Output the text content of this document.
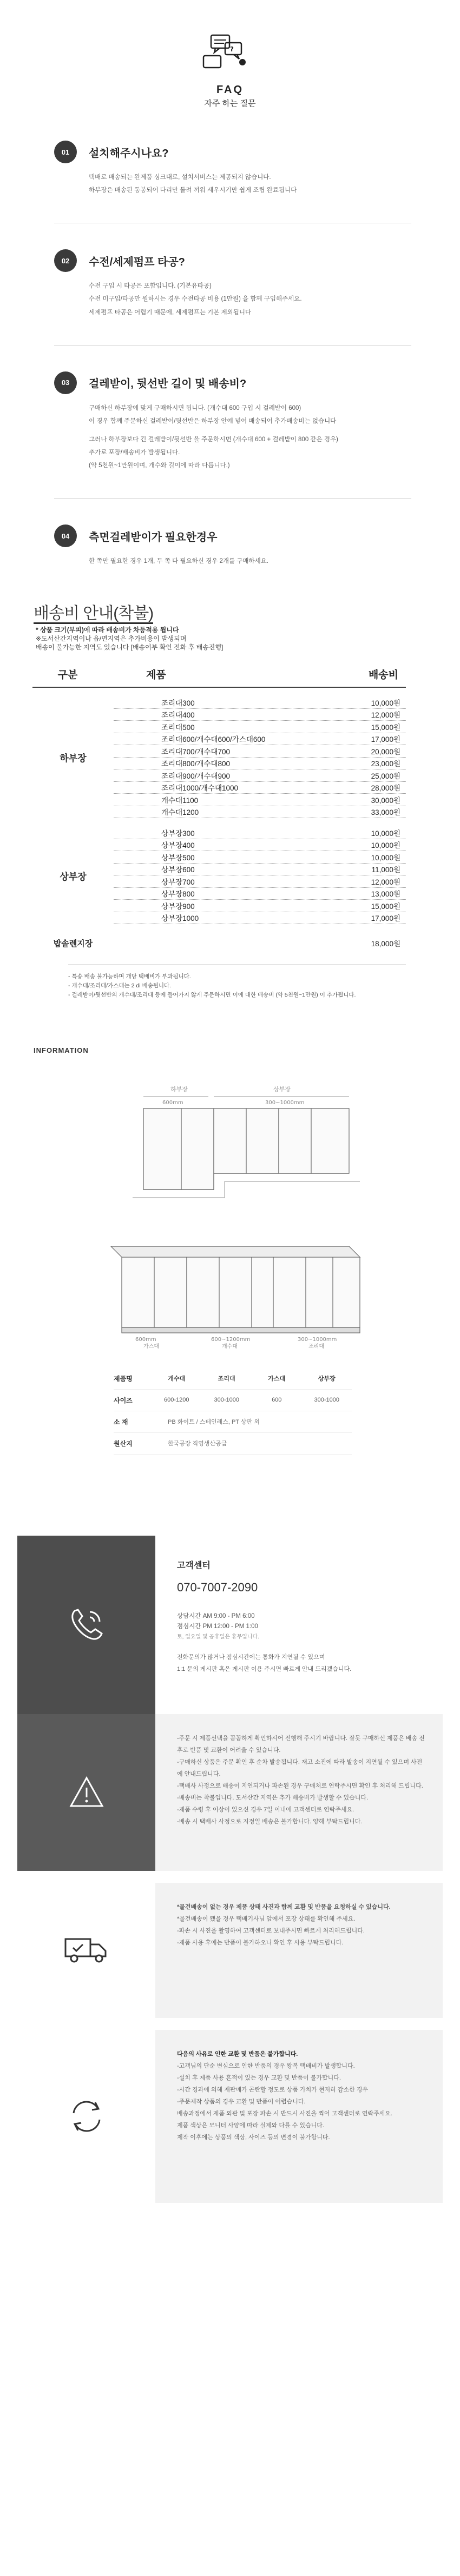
?
FAQ
자주 하는 질문
01	설치해주시나요?
택배로 배송되는 완제품 싱크대로, 설치서비스는 제공되지 않습니다.
하부장은 배송된 동봉되어 다리만 돌려 끼워 세우시기만 쉽게 조립 완료됩니다
02	수전/세제펌프 타공?
수전 구입 시 타공은 포함입니다. (기본유타공)
수전 미구입/타공만 원하시는 경우 수전타공 비용 (1만원) 을 함께 구입해주세요.
세제펌프 타공은 어렵기 때문에, 세제펌프는 기본 제외됩니다
03	걸레받이, 뒷선반 길이 및 배송비?
구매하신 하부장에 맞게 구매하시면 됩니다. (개수대 600 구입 시 걸레받이 600)
이 경우 함께 주문하신 걸레받이/뒷선반은 하부장 안에 넣어 배송되어 추가배송비는 없습니다
그러나 하부장보다 긴 걸레받이/뒷선반 을 주문하시면 (개수대 600 + 걸레받이 800 같은 경우)
추가로 포장/배송비가 발생됩니다.
(약 5천원~1만원이며, 개수와 길이에 따라 다릅니다.)
04	측면걸레받이가 필요한경우
한 쪽만 필요한 경우 1개, 두 쪽 다 필요하신 경우 2개를 구매하세요.
배송비 안내(착불)
* 상품 크기(부피)에 따라 배송비가 차등적용 됩니다
※도서산간지역이나 읍/면지역은 추가비용이 발생되며
배송이 불가능한 지역도 있습니다 [배송여부 확인 전화 후 배송진행]
구분	제품	배송비
하부장
조리대300	10,000원
조리대400	12,000원
조리대500	15,000원
조리대600/개수대600/가스대600	17,000원
조리대700/개수대700	20,000원
조리대800/개수대800	23,000원
조리대900/개수대900	25,000원
조리대1000/개수대1000	28,000원
개수대1100	30,000원
개수대1200	33,000원
상부장
상부장300	10,000원
상부장400	10,000원
상부장500	10,000원
상부장600	11,000원
상부장700	12,000원
상부장800	13,000원
상부장900	15,000원
상부장1000	17,000원
밥솥렌지장	18,000원
- 특송 배송 불가능하며 개당 택배비가 부과됩니다.
- 개수대/조리대/가스대는 2 di 배송됩니다.
- 걸레받이/뒷선반의 개수대/조리대 등에 들어가지 않게 주문하시면 이에 대한 배송비 (약 5천원~1만원) 이 추가됩니다.
INFORMATION
하부장	상부장
600mm	300~1000mm
600mm	600~1200mm	300~1000mm
가스대	개수대	조리대
제품명	개수대	조리대	가스대	상부장
사이즈	600-1200	300-1000	600	300-1000
소 재	PB 화이트 / 스테인레스, PT 상판 외
원산지	한국공장 직영생산공급
고객센터
070-7007-2090
상담시간 AM 9:00 - PM 6:00
점심시간 PM 12:00 - PM 1:00
토, 일요일 및 공휴일은 휴무입니다.
전화문의가 많거나 점심시간에는 통화가 지연될 수 있으며
1:1 문의 게시판 혹은 게시판 이용 주시면 빠르게 안내 드리겠습니다.
-주문 시 제품선택을 꼼꼼하게 확인하시어 진행해 주시기 바랍니다. 잘못 구매하신 제품은 배송 전후로 반품 및 교환이 어려울 수 있습니다.
-구매하신 상품은 주문 확인 후 순차 발송됩니다. 재고 소진에 따라 발송이 지연될 수 있으며 사전에 안내드립니다.
-택배사 사정으로 배송이 지연되거나 파손된 경우 구매처로 연락주시면 확인 후 처리해 드립니다.
-배송비는 착불입니다. 도서산간 지역은 추가 배송비가 발생할 수 있습니다.
-제품 수령 후 이상이 있으신 경우 7일 이내에 고객센터로 연락주세요.
-배송 시 택배사 사정으로 지정일 배송은 불가합니다. 양해 부탁드립니다.
*물건배송이 없는 경우 제품 상태 사진과 함께 교환 및 반품을 요청하실 수 있습니다.
*물건배송이 됐을 경우 택배기사님 앞에서 포장 상태를 확인해 주세요.
-파손 시 사진을 촬영하여 고객센터로 보내주시면 빠르게 처리해드립니다.
-제품 사용 후에는 반품이 불가하오니 확인 후 사용 부탁드립니다.
다음의 사유로 인한 교환 및 반품은 불가합니다.
-고객님의 단순 변심으로 인한 반품의 경우 왕복 택배비가 발생합니다.
-설치 후 제품 사용 흔적이 있는 경우 교환 및 반품이 불가합니다.
-시간 경과에 의해 재판매가 곤란할 정도로 상품 가치가 현저히 감소한 경우
-주문제작 상품의 경우 교환 및 반품이 어렵습니다.
배송과정에서 제품 외관 및 포장 파손 시 반드시 사진을 찍어 고객센터로 연락주세요.
제품 색상은 모니터 사양에 따라 실제와 다를 수 있습니다.
제작 이후에는 상품의 색상, 사이즈 등의 변경이 불가합니다.
